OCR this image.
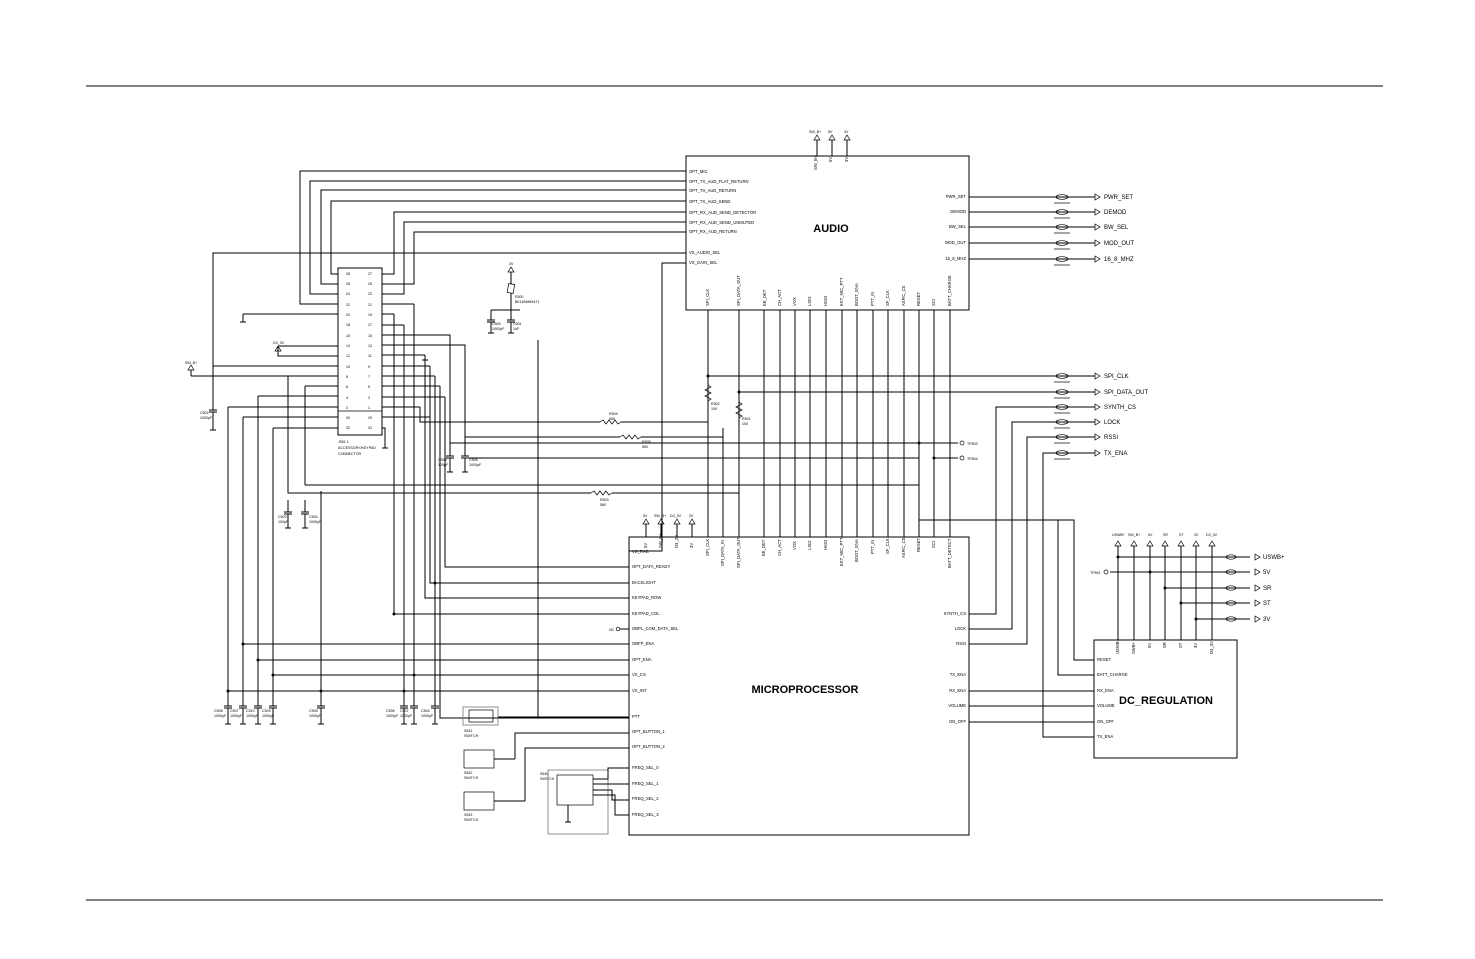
AUDIO
OPT_MIC
OPT_TX_AUD_FLAT_RETURN
OPT_TX_AUD_RETURN
OPT_TX_AUD_SEND
OPT_RX_AUD_SEND_DETECTOR
OPT_RX_AUD_SEND_UNMUTED
OPT_RX_AUD_RETURN
VS_AUDIO_SEL
VS_GAIN_SEL
PWR_SET
DEMOD
BW_SEL
MOD_OUT
16_8_MHZ
SW_B+ 5V	3V
SPI_CLK	SPI_DATA_OUT	EE_DET CH_ACT VOX LSIO	HSIO	EXT_MIC_PTT BOOT_ENA	PTT_IN SF_CLK	ASFIC_CS RESET SCI	BATT_CHARGE
SW_B+ 5V	3V
PWR_SET
DEMOD
BW_SEL
MOD_OUT
16_8_MHZ
MICROPROCESSOR
VS_RAC
OPT_DATA_READY
BACKLIGHT
KEYPAD_ROW
KEYPAD_COL
OBPL_COM_DATA_SEL
OBFP_ENA
OPT_ENA
VS_CS
VS_INT
PTT
OPT_BUTTON_1
OPT_BUTTON_2
FREQ_SEL_0
FREQ_SEL_1
FREQ_SEL_2
FREQ_SEL_3
SYNTH_CS
LOCK
RSSI
TX_ENA
RX_ENA
VOLUME
ON_OFF
5V SW_B+	D3_3V 3V	SPI_CLK SPI_DATA_IN	SPI_DATA_OUT	EE_DET	CH_ACT VOX LSIO	HSIO	EXT_MIC_PTT BOOT_ENA	PTT_IN SF_CLK	ASFIC_CS RESET SCI	BATT_DETECT
5V SW_B+ D3_3V 3V
R502
100
R501
100
SPI_CLK
SPI_DATA_OUT
SYNTH_CS
LOCK
RSSI
TX_ENA
TP503
TP504
DC_REGULATION
RESET
BATT_CHARGE
RX_ENA
VOLUME
ON_OFF
TX_ENA
USWB+	SWB+	5V SR	ST 3V	D3_3V
USWB+ SW_B+ 5V	SR	ST	3V D3_3V
TP501
USWB+
5V
SR
ST
3V
J551 1
ACCESSORY/KEYPAD
CONNECTOR
28
26
24
22
20
18
16
14
12
10
8
6
4
2
30
32
27
25
23
21
19
17
15
13
11
9
7
5
3
1
29
31
3V
E500
BK1608HM471
C500
1000pF
C501
1uF
SW_B+
D3_3V
C502
1000pF
R504
560
R505
560
R503
560
C503
100pF
C504
1000pF
C505
100pF
C506
1000pF
NC
C508
1000pF
C507
1000pF
C510
1000pF
C509
1000pF
C505
1000pF
C506
1000pF
C507
1000pF
C504
1000pF
S541
SWITCH
S542
SWITCH
S543
SWITCH
S540
SWITCH
